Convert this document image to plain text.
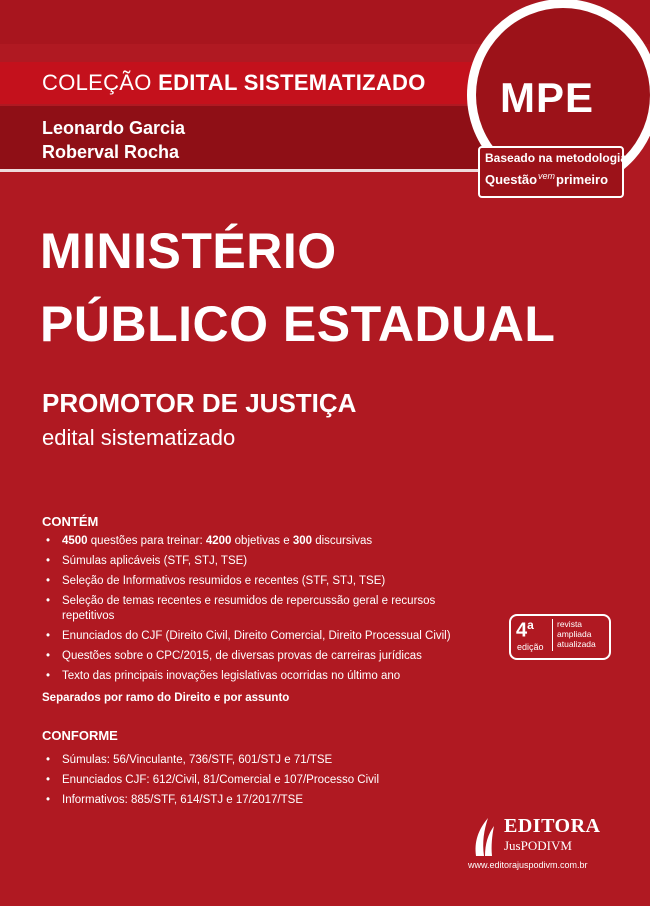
COLEÇÃO EDITAL SISTEMATIZADO
Leonardo Garcia
Roberval Rocha
MPE
Baseado na metodologia
Questão$^{vem}$primeiro
MINISTÉRIO
PÚBLICO ESTADUAL
PROMOTOR DE JUSTIÇA
edital sistematizado
CONTÉM
• 4500 questões para treinar: 4200 objetivas e 300 discursivas
• Súmulas aplicáveis (STF, STJ, TSE)
• Seleção de Informativos resumidos e recentes (STF, STJ, TSE)
• Seleção de temas recentes e resumidos de repercussão geral e recursos repetitivos
• Enunciados do CJF (Direito Civil, Direito Comercial, Direito Processual Civil)
• Questões sobre o CPC/2015, de diversas provas de carreiras jurídicas
• Texto das principais inovações legislativas ocorridas no último ano
Separados por ramo do Direito e por assunto
4$^a$
edição
revista
ampliada
atualizada
CONFORME
• Súmulas: 56/Vinculante, 736/STF, 601/STJ e 71/TSE
• Enunciados CJF: 612/Civil, 81/Comercial e 107/Processo Civil
• Informativos: 885/STF, 614/STJ e 17/2017/TSE
EDITORA
JusPODIVM
www.editorajuspodivm.com.br
